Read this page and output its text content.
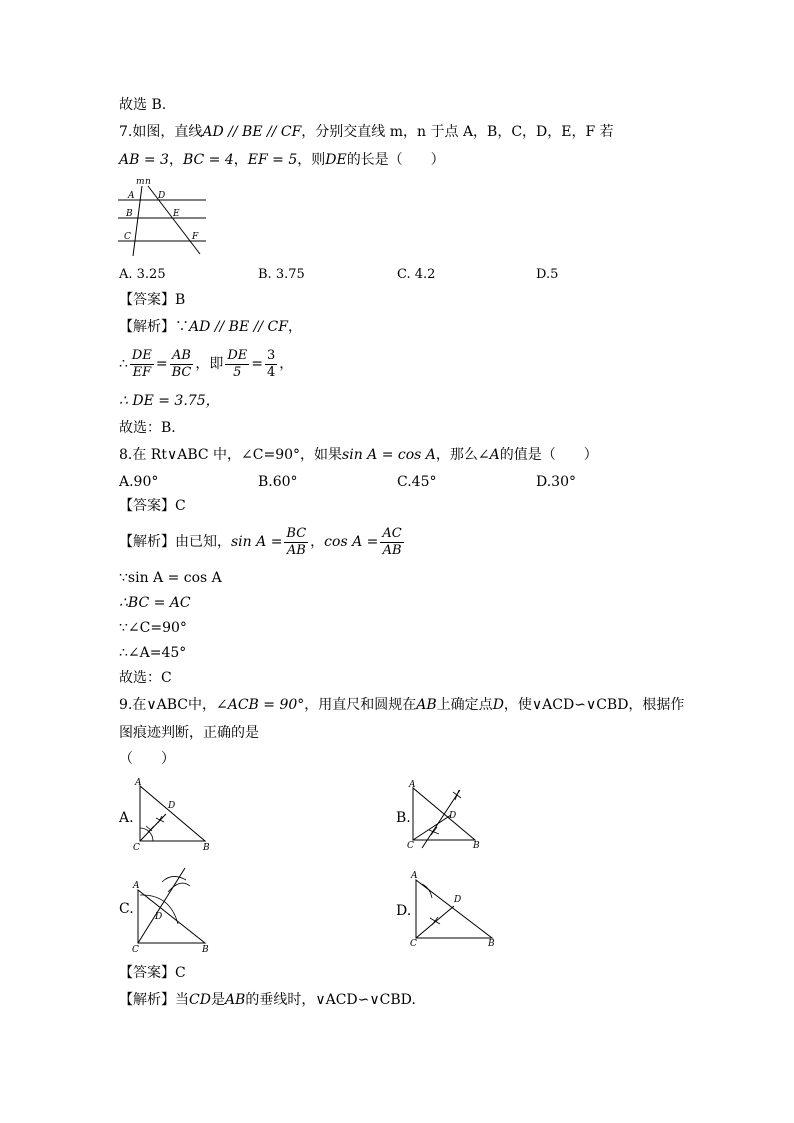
故选 B.
7.如图，直线AD // BE // CF，分别交直线 m，n 于点 A，B，C，D，E，F 若
AB = 3，BC = 4，EF = 5，则DE的长是（　　）
m n
A	D
B	E
C	F
A. 3.25	B. 3.75	C. 4.2	D.5
【答案】B
【解析】∵AD // BE // CF，
∴ $\frac{DE}{EF} = \frac{AB}{BC}$ ，即 $\frac{DE}{5} = \frac{3}{4}$ ，
∴ DE = 3.75，
故选：B.
8.在 Rt∨ABC 中，∠C=90°，如果sin A = cos A，那么∠A的值是（　　）
A.90°	B.60°	C.45°	D.30°
【答案】C
【解析】由已知，$\sin A = \frac{BC}{AB}$ ，$\cos A = \frac{AC}{AB}$
∵sin A = cos A
∴BC = AC
∵∠C=90°
∴∠A=45°
故选：C
9.在∨ABC中，∠ACB = 90°，用直尺和圆规在AB上确定点D，使∨ACD∽∨CBD，根据作
图痕迹判断，正确的是
（　　）
A.
A
D
C	B
B.
A
D
C	B
C.
A
D
C	B
D.
A
D
C	B
【答案】C
【解析】当CD是AB的垂线时，∨ACD∽∨CBD.
